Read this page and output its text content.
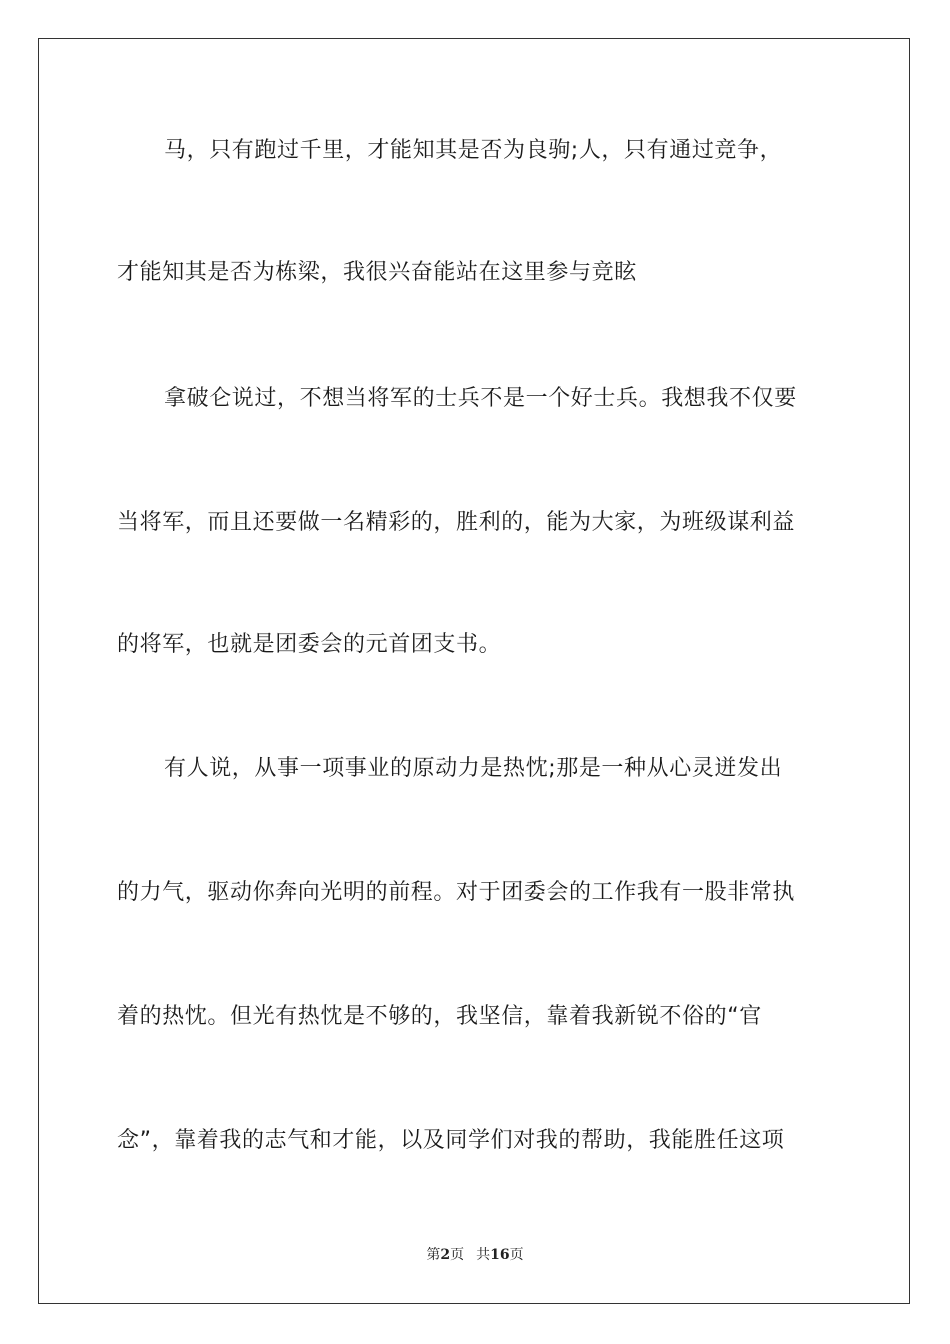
马，只有跑过千里，才能知其是否为良驹;人，只有通过竞争，
才能知其是否为栋梁，我很兴奋能站在这里参与竞眩
拿破仑说过，不想当将军的士兵不是一个好士兵。我想我不仅要
当将军，而且还要做一名精彩的，胜利的，能为大家，为班级谋利益
的将军，也就是团委会的元首团支书。
有人说，从事一项事业的原动力是热忱;那是一种从心灵迸发出
的力气，驱动你奔向光明的前程。对于团委会的工作我有一股非常执
着的热忱。但光有热忱是不够的，我坚信，靠着我新锐不俗的“官
念”，靠着我的志气和才能，以及同学们对我的帮助，我能胜任这项
第2页 共16页
